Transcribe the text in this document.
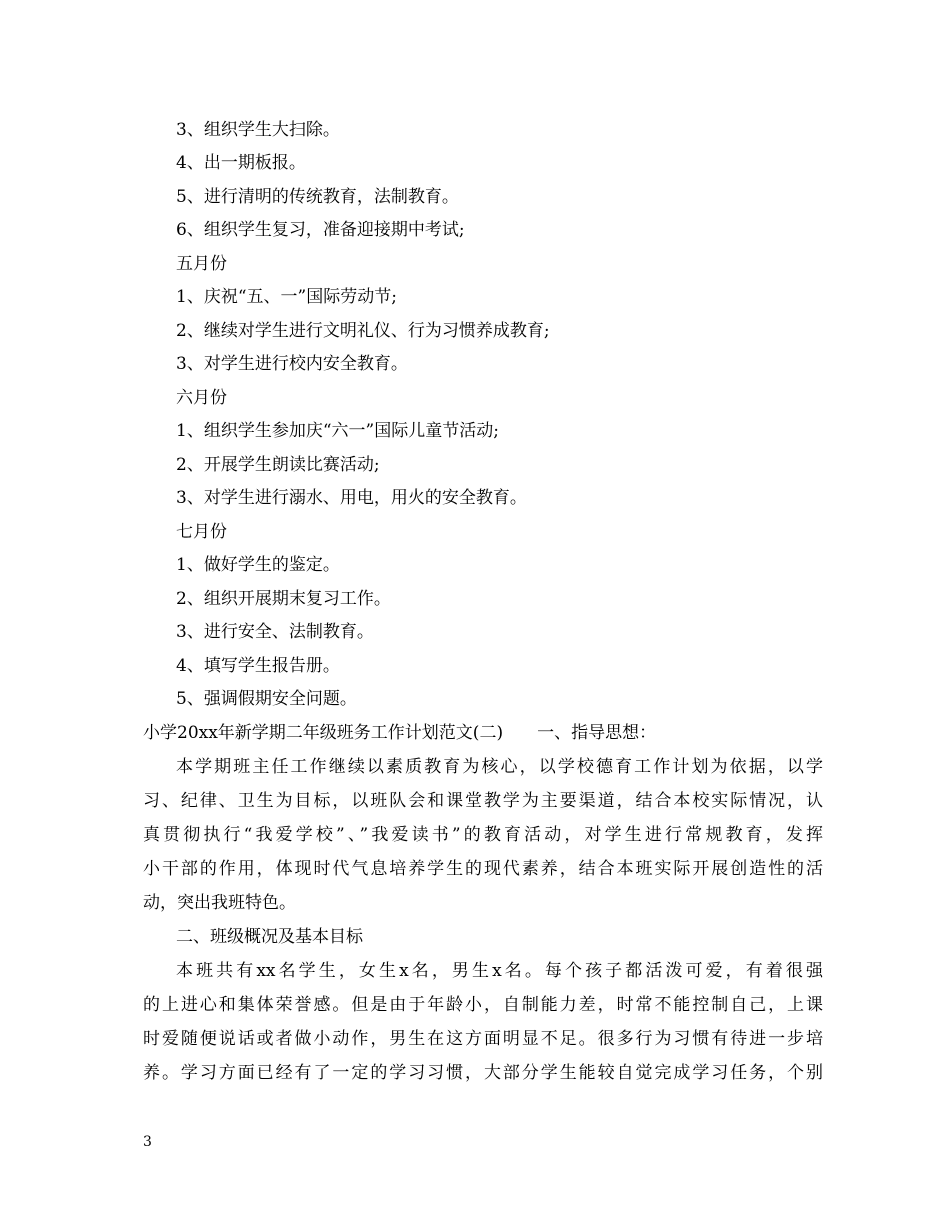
3、组织学生大扫除。
4、出一期板报。
5、进行清明的传统教育，法制教育。
6、组织学生复习，准备迎接期中考试;
五月份
1、庆祝“五、一”国际劳动节;
2、继续对学生进行文明礼仪、行为习惯养成教育;
3、对学生进行校内安全教育。
六月份
1、组织学生参加庆“六一”国际儿童节活动;
2、开展学生朗读比赛活动;
3、对学生进行溺水、用电，用火的安全教育。
七月份
1、做好学生的鉴定。
2、组织开展期末复习工作。
3、进行安全、法制教育。
4、填写学生报告册。
5、强调假期安全问题。
小学20xx年新学期二年级班务工作计划范文(二)　　一、指导思想：
本学期班主任工作继续以素质教育为核心，以学校德育工作计划为依据，以学
习、纪律、卫生为目标，以班队会和课堂教学为主要渠道，结合本校实际情况，认
真贯彻执行“我爱学校”、”我爱读书”的教育活动，对学生进行常规教育，发挥
小干部的作用，体现时代气息培养学生的现代素养，结合本班实际开展创造性的活
动，突出我班特色。
二、班级概况及基本目标
本班共有xx名学生，女生x名，男生x名。每个孩子都活泼可爱，有着很强
的上进心和集体荣誉感。但是由于年龄小，自制能力差，时常不能控制自己，上课
时爱随便说话或者做小动作，男生在这方面明显不足。很多行为习惯有待进一步培
养。学习方面已经有了一定的学习习惯，大部分学生能较自觉完成学习任务，个别
3
